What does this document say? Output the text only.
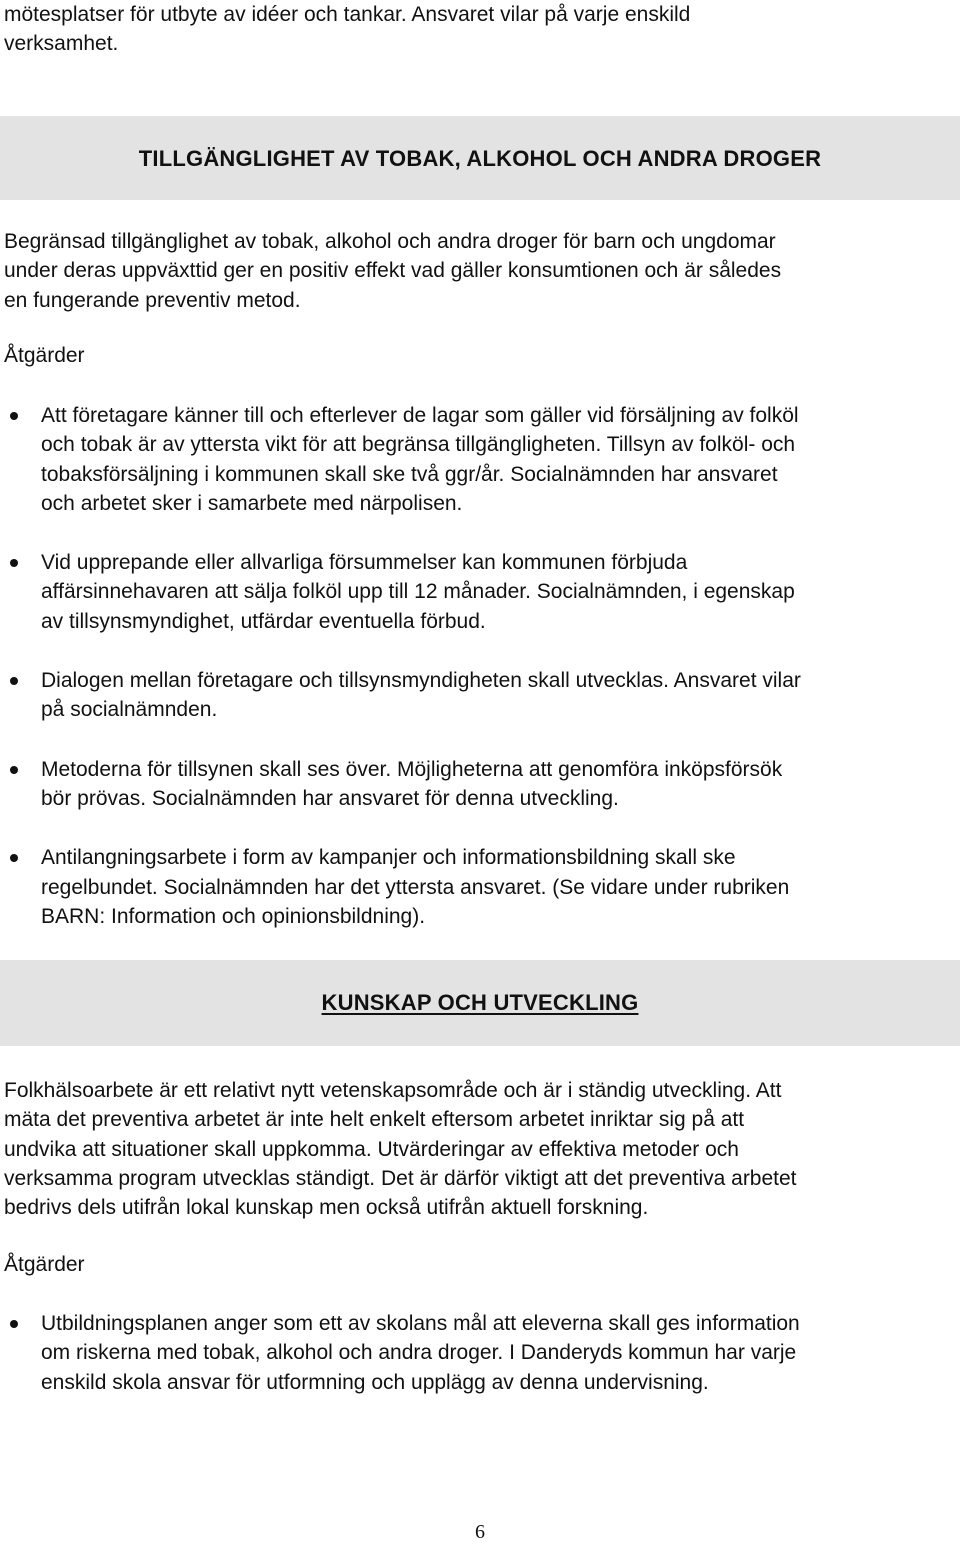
mötesplatser för utbyte av idéer och tankar. Ansvaret vilar på varje enskild
verksamhet.

TILLGÄNGLIGHET AV TOBAK, ALKOHOL OCH ANDRA DROGER

Begränsad tillgänglighet av tobak, alkohol och andra droger för barn och ungdomar
under deras uppväxttid ger en positiv effekt vad gäller konsumtionen och är således
en fungerande preventiv metod.

Åtgärder

Att företagare känner till och efterlever de lagar som gäller vid försäljning av folköl
och tobak är av yttersta vikt för att begränsa tillgängligheten. Tillsyn av folköl- och
tobaksförsäljning i kommunen skall ske två ggr/år. Socialnämnden har ansvaret
och arbetet sker i samarbete med närpolisen.
Vid upprepande eller allvarliga försummelser kan kommunen förbjuda
affärsinnehavaren att sälja folköl upp till 12 månader. Socialnämnden, i egenskap
av tillsynsmyndighet, utfärdar eventuella förbud.
Dialogen mellan företagare och tillsynsmyndigheten skall utvecklas. Ansvaret vilar
på socialnämnden.
Metoderna för tillsynen skall ses över. Möjligheterna att genomföra inköpsförsök
bör prövas. Socialnämnden har ansvaret för denna utveckling.
Antilangningsarbete i form av kampanjer och informationsbildning skall ske
regelbundet. Socialnämnden har det yttersta ansvaret. (Se vidare under rubriken
BARN: Information och opinionsbildning).
KUNSKAP OCH UTVECKLING

Folkhälsoarbete är ett relativt nytt vetenskapsområde och är i ständig utveckling. Att
mäta det preventiva arbetet är inte helt enkelt eftersom arbetet inriktar sig på att
undvika att situationer skall uppkomma. Utvärderingar av effektiva metoder och
verksamma program utvecklas ständigt. Det är därför viktigt att det preventiva arbetet
bedrivs dels utifrån lokal kunskap men också utifrån aktuell forskning.

Åtgärder

Utbildningsplanen anger som ett av skolans mål att eleverna skall ges information
om riskerna med tobak, alkohol och andra droger. I Danderyds kommun har varje
enskild skola ansvar för utformning och upplägg av denna undervisning.

6
